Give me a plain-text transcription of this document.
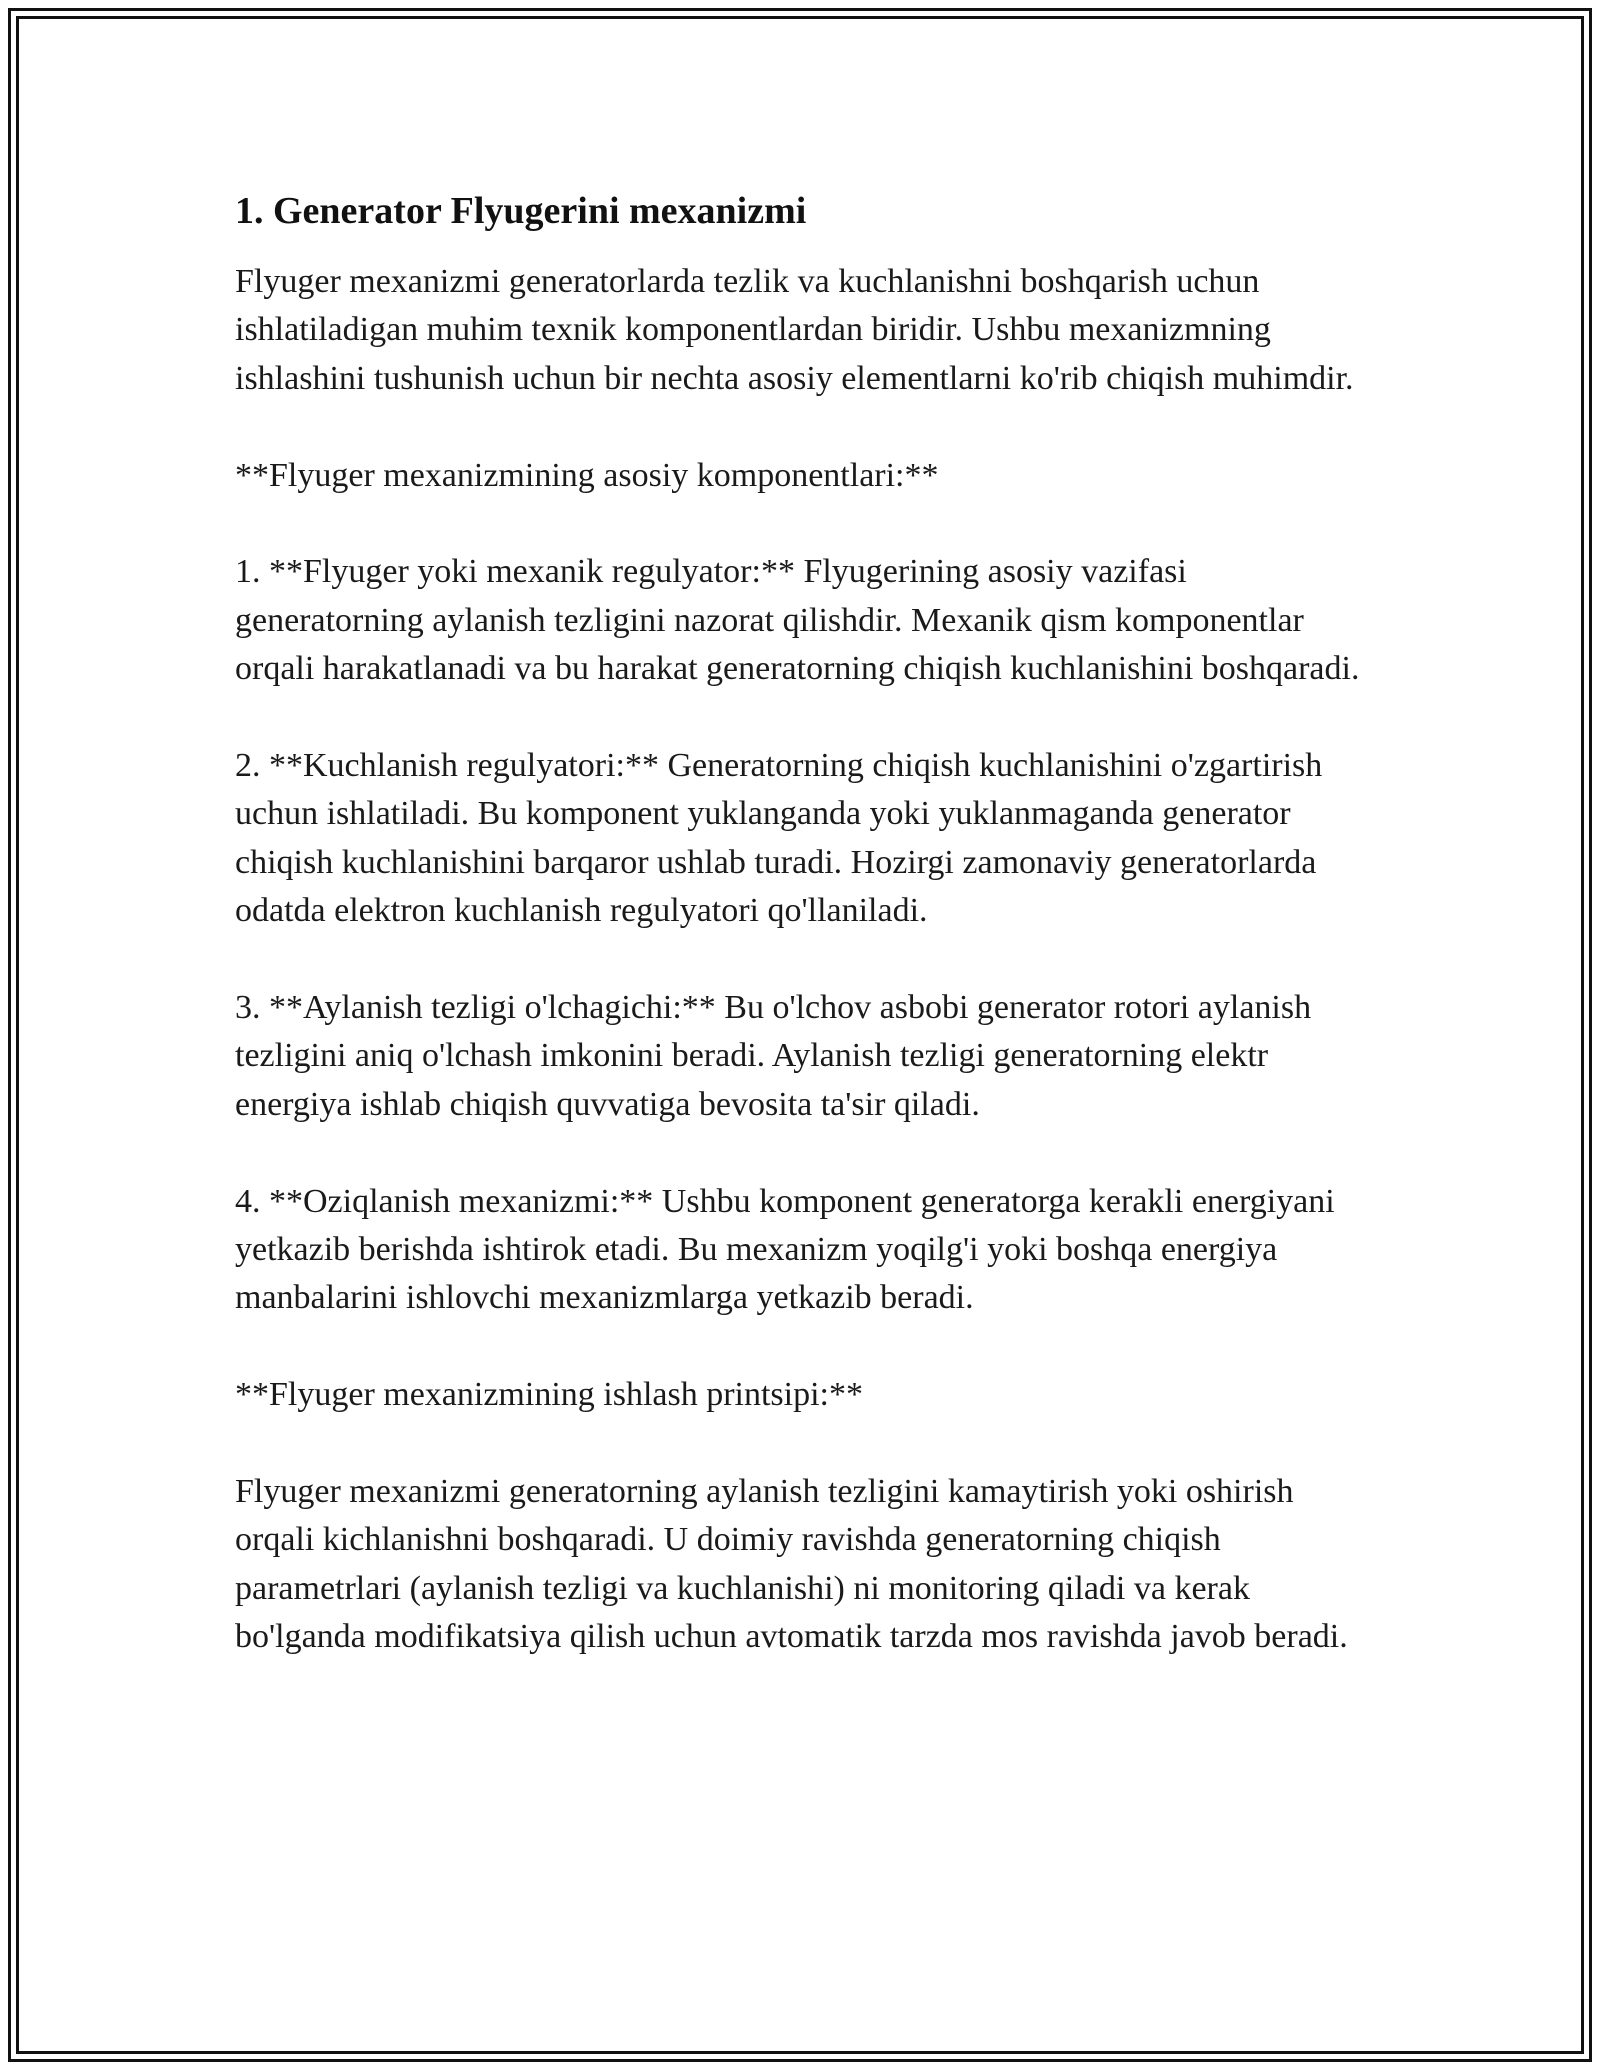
1. Generator Flyugerini mexanizmi

Flyuger mexanizmi generatorlarda tezlik va kuchlanishni boshqarish uchun ishlatiladigan muhim texnik komponentlardan biridir. Ushbu mexanizmning ishlashini tushunish uchun bir nechta asosiy elementlarni ko'rib chiqish muhimdir.

**Flyuger mexanizmining asosiy komponentlari:**

1. **Flyuger yoki mexanik regulyator:** Flyugerining asosiy vazifasi generatorning aylanish tezligini nazorat qilishdir. Mexanik qism komponentlar orqali harakatlanadi va bu harakat generatorning chiqish kuchlanishini boshqaradi.

2. **Kuchlanish regulyatori:** Generatorning chiqish kuchlanishini o'zgartirish uchun ishlatiladi. Bu komponent yuklanganda yoki yuklanmaganda generator chiqish kuchlanishini barqaror ushlab turadi. Hozirgi zamonaviy generatorlarda odatda elektron kuchlanish regulyatori qo'llaniladi.

3. **Aylanish tezligi o'lchagichi:** Bu o'lchov asbobi generator rotori aylanish tezligini aniq o'lchash imkonini beradi. Aylanish tezligi generatorning elektr energiya ishlab chiqish quvvatiga bevosita ta'sir qiladi.

4. **Oziqlanish mexanizmi:** Ushbu komponent generatorga kerakli energiyani yetkazib berishda ishtirok etadi. Bu mexanizm yoqilg'i yoki boshqa energiya manbalarini ishlovchi mexanizmlarga yetkazib beradi.

**Flyuger mexanizmining ishlash printsipi:**

Flyuger mexanizmi generatorning aylanish tezligini kamaytirish yoki oshirish orqali kichlanishni boshqaradi. U doimiy ravishda generatorning chiqish parametrlari (aylanish tezligi va kuchlanishi) ni monitoring qiladi va kerak bo'lganda modifikatsiya qilish uchun avtomatik tarzda mos ravishda javob beradi.
